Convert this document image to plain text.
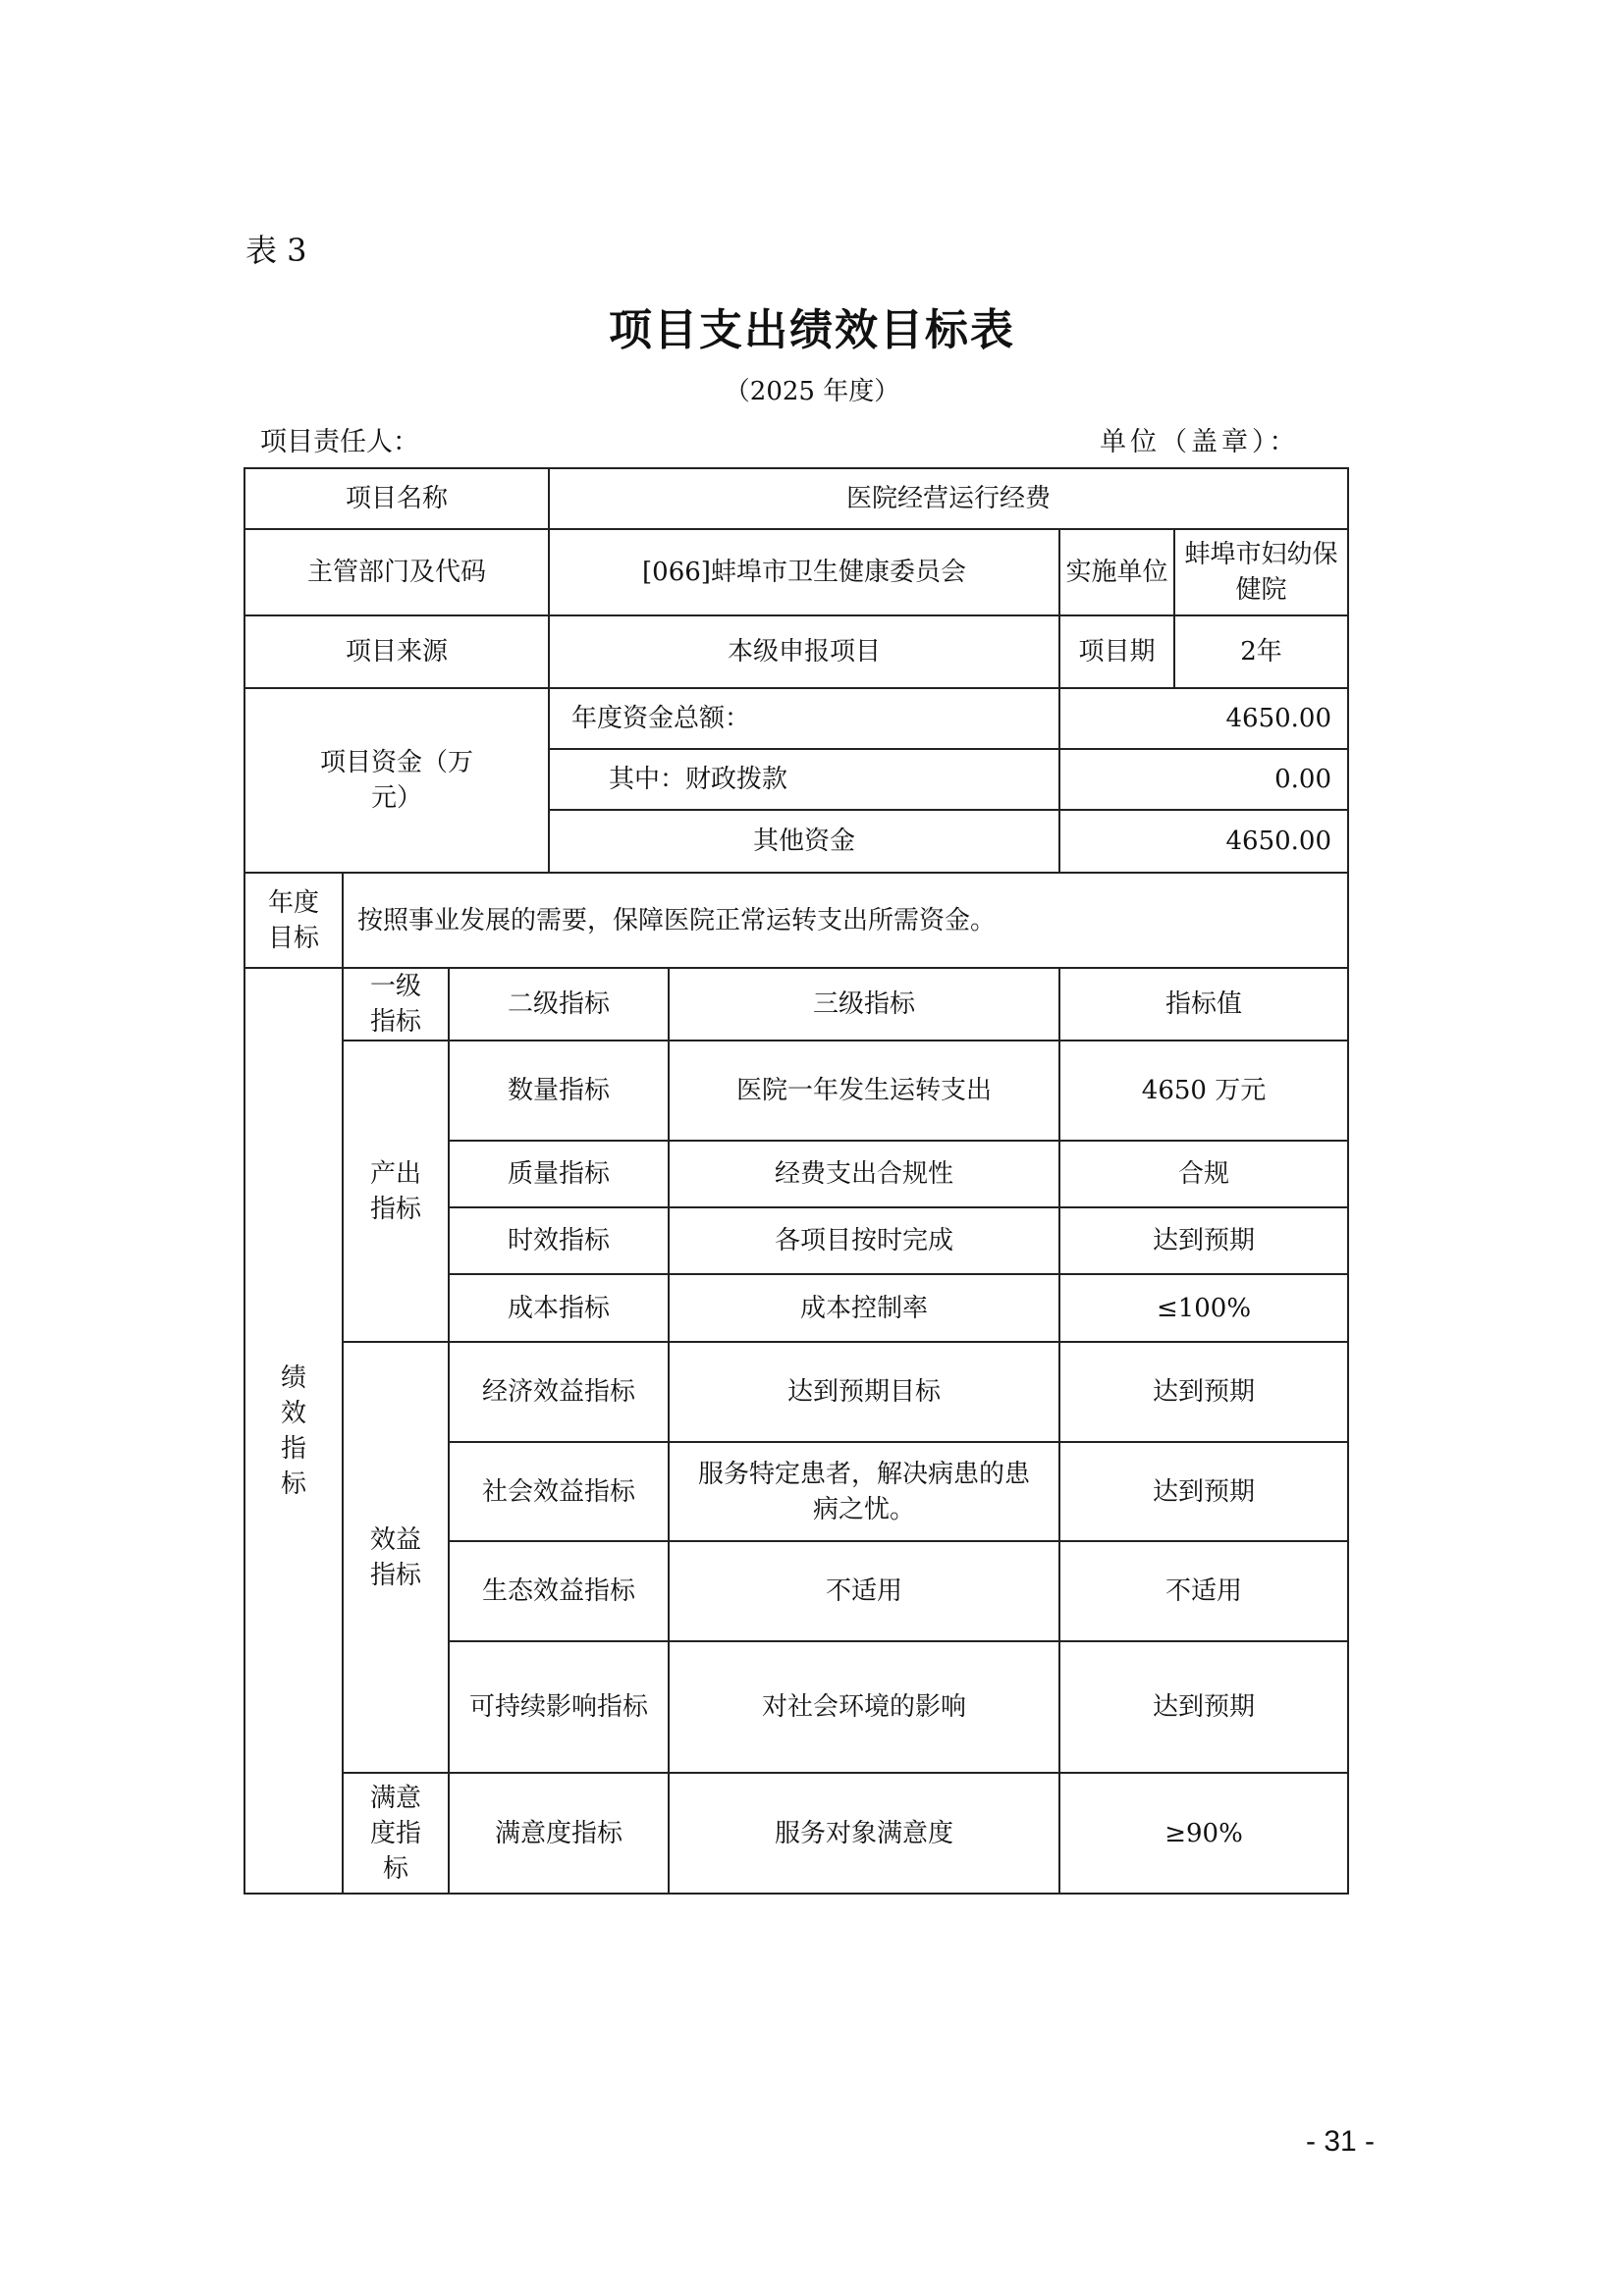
表 3
项目支出绩效目标表
（2025 年度）
项目责任人：	单位（盖章）：
项目名称			医院经营运行经费			
主管部门及代码			[066]蚌埠市卫生健康委员会		实施单位	蚌埠市妇幼保健院
项目来源			本级申报项目		项目期	2年
项目资金（万元）			年度资金总额：		4650.00	
			其中：财政拨款		0.00	
			其他资金		4650.00	
年度目标	按照事业发展的需要，保障医院正常运转支出所需资金。					
绩效指标	一级指标	二级指标		三级指标	指标值	
	产出指标	数量指标		医院一年发生运转支出	4650 万元	
		质量指标		经费支出合规性	合规	
		时效指标		各项目按时完成	达到预期	
		成本指标		成本控制率	≤100%	
	效益指标	经济效益指标		达到预期目标	达到预期	
		社会效益指标		服务特定患者，解决病患的患病之忧。	达到预期	
		生态效益指标		不适用	不适用	
		可持续影响指标		对社会环境的影响	达到预期	
	满意度指标	满意度指标		服务对象满意度	≥90%	
- 31 -
